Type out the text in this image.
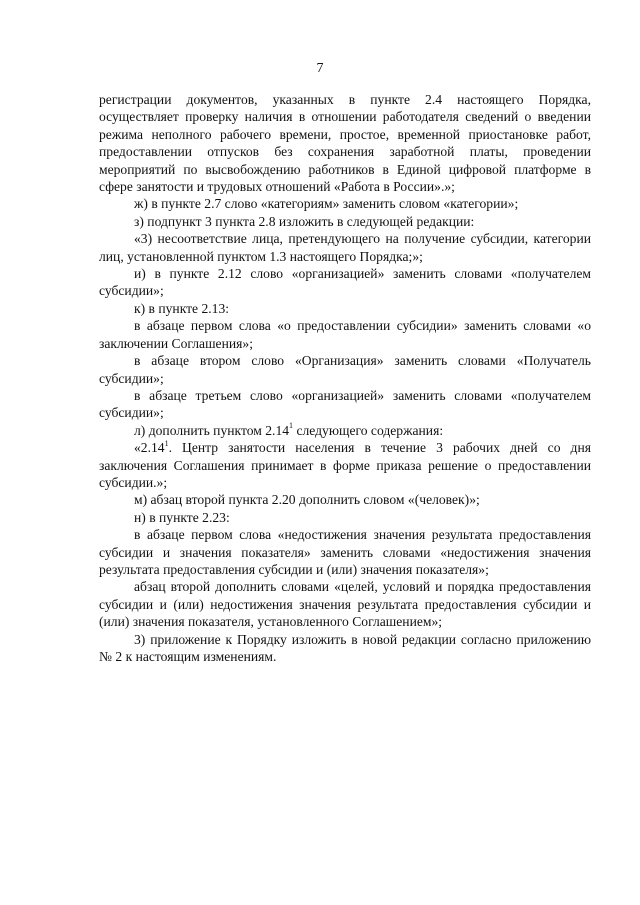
7

регистрации документов, указанных в пункте 2.4 настоящего Порядка, осуществляет проверку наличия в отношении работодателя сведений о введении режима неполного рабочего времени, простое, временной приостановке работ, предоставлении отпусков без сохранения заработной платы, проведении мероприятий по высвобождению работников в Единой цифровой платформе в сфере занятости и трудовых отношений «Работа в России».»;

ж) в пункте 2.7 слово «категориям» заменить словом «категории»;

з) подпункт 3 пункта 2.8 изложить в следующей редакции:

«3) несоответствие лица, претендующего на получение субсидии, категории лиц, установленной пунктом 1.3 настоящего Порядка;»;

и) в пункте 2.12 слово «организацией» заменить словами «получателем субсидии»;

к) в пункте 2.13:

в абзаце первом слова «о предоставлении субсидии» заменить словами «о заключении Соглашения»;

в абзаце втором слово «Организация» заменить словами «Получатель субсидии»;

в абзаце третьем слово «организацией» заменить словами «получателем субсидии»;

л) дополнить пунктом 2.14$^1$ следующего содержания:

«2.14$^1$. Центр занятости населения в течение 3 рабочих дней со дня заключения Соглашения принимает в форме приказа решение о предоставлении субсидии.»;

м) абзац второй пункта 2.20 дополнить словом «(человек)»;

н) в пункте 2.23:

в абзаце первом слова «недостижения значения результата предоставления субсидии и значения показателя» заменить словами «недостижения значения результата предоставления субсидии и (или) значения показателя»;

абзац второй дополнить словами «целей, условий и порядка предоставления субсидии и (или) недостижения значения результата предоставления субсидии и (или) значения показателя, установленного Соглашением»;

3) приложение к Порядку изложить в новой редакции согласно приложению № 2 к настоящим изменениям.
